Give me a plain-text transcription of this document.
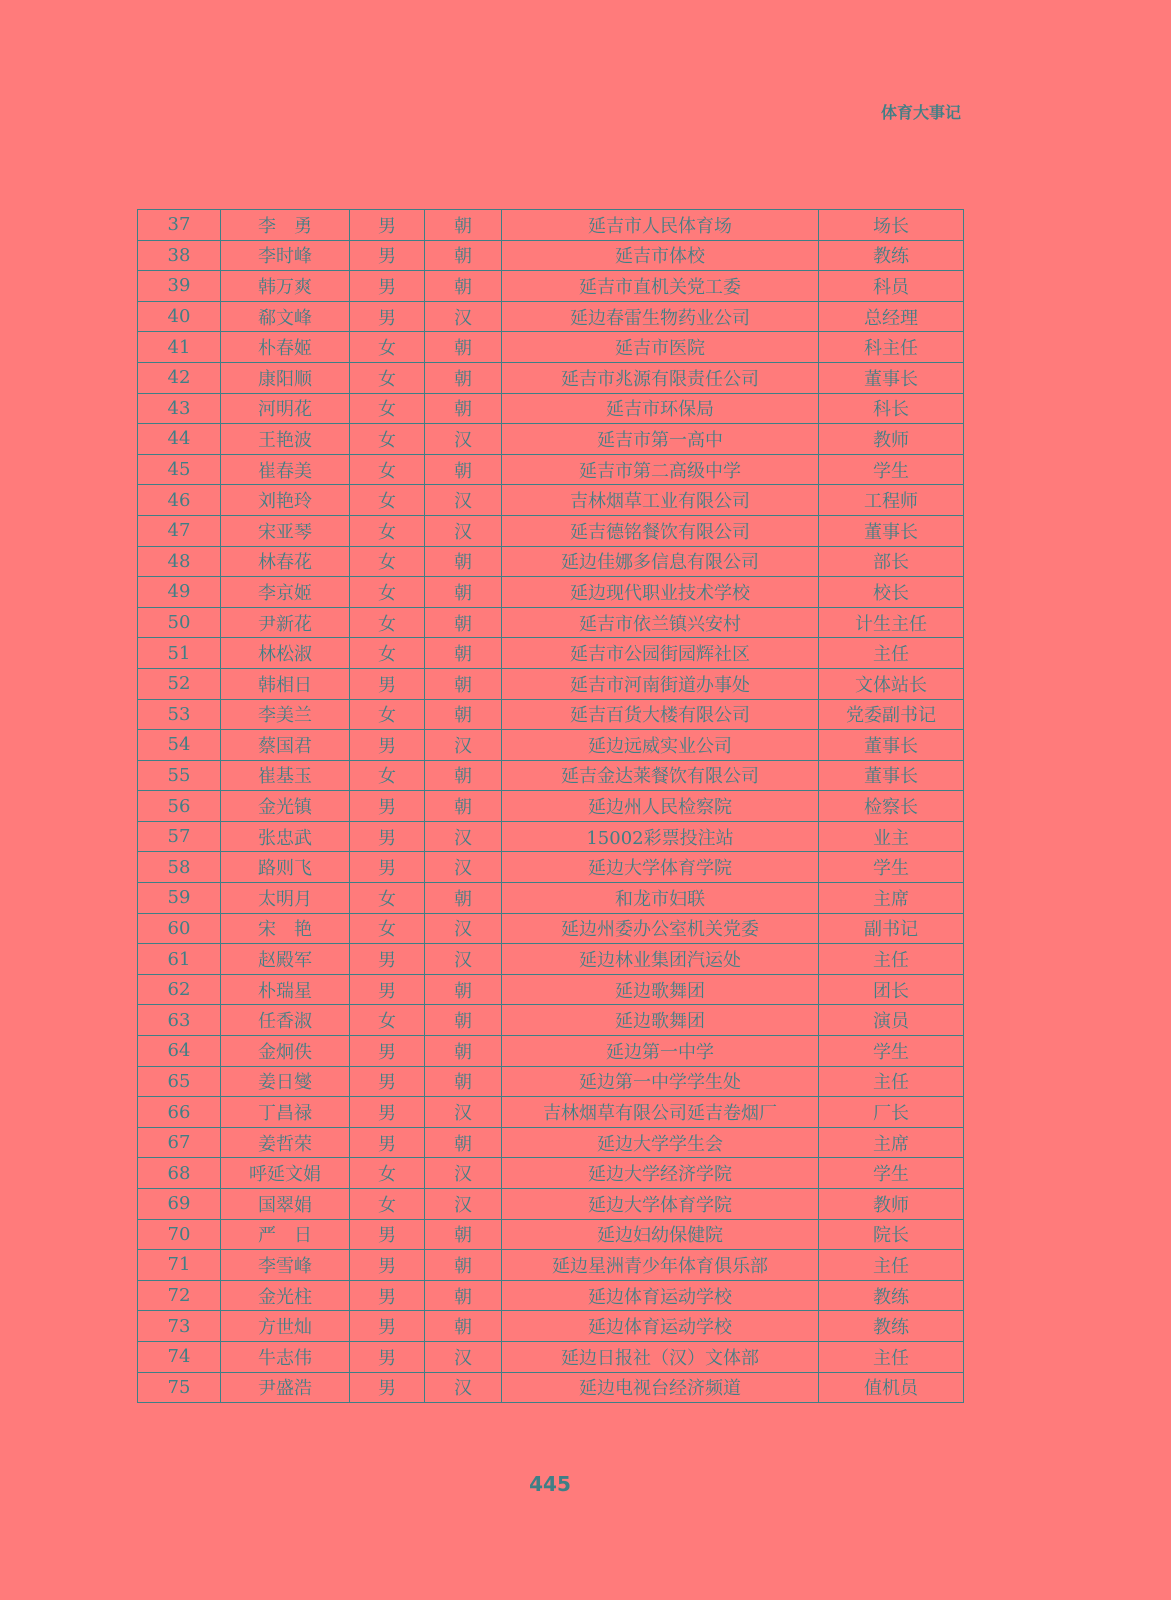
体育大事记
37	李　勇	男	朝	延吉市人民体育场	场长
38	李时峰	男	朝	延吉市体校	教练
39	韩万爽	男	朝	延吉市直机关党工委	科员
40	郗文峰	男	汉	延边春雷生物药业公司	总经理
41	朴春姬	女	朝	延吉市医院	科主任
42	康阳顺	女	朝	延吉市兆源有限责任公司	董事长
43	河明花	女	朝	延吉市环保局	科长
44	王艳波	女	汉	延吉市第一高中	教师
45	崔春美	女	朝	延吉市第二高级中学	学生
46	刘艳玲	女	汉	吉林烟草工业有限公司	工程师
47	宋亚琴	女	汉	延吉德铭餐饮有限公司	董事长
48	林春花	女	朝	延边佳娜多信息有限公司	部长
49	李京姬	女	朝	延边现代职业技术学校	校长
50	尹新花	女	朝	延吉市依兰镇兴安村	计生主任
51	林松淑	女	朝	延吉市公园街园辉社区	主任
52	韩相日	男	朝	延吉市河南街道办事处	文体站长
53	李美兰	女	朝	延吉百货大楼有限公司	党委副书记
54	蔡国君	男	汉	延边远威实业公司	董事长
55	崔基玉	女	朝	延吉金达莱餐饮有限公司	董事长
56	金光镇	男	朝	延边州人民检察院	检察长
57	张忠武	男	汉	15002彩票投注站	业主
58	路则飞	男	汉	延边大学体育学院	学生
59	太明月	女	朝	和龙市妇联	主席
60	宋　艳	女	汉	延边州委办公室机关党委	副书记
61	赵殿军	男	汉	延边林业集团汽运处	主任
62	朴瑞星	男	朝	延边歌舞团	团长
63	任香淑	女	朝	延边歌舞团	演员
64	金炯佚	男	朝	延边第一中学	学生
65	姜日燮	男	朝	延边第一中学学生处	主任
66	丁昌禄	男	汉	吉林烟草有限公司延吉卷烟厂	厂长
67	姜哲荣	男	朝	延边大学学生会	主席
68	呼延文娟	女	汉	延边大学经济学院	学生
69	国翠娟	女	汉	延边大学体育学院	教师
70	严　日	男	朝	延边妇幼保健院	院长
71	李雪峰	男	朝	延边星洲青少年体育俱乐部	主任
72	金光柱	男	朝	延边体育运动学校	教练
73	方世灿	男	朝	延边体育运动学校	教练
74	牛志伟	男	汉	延边日报社（汉）文体部	主任
75	尹盛浩	男	汉	延边电视台经济频道	值机员
445
